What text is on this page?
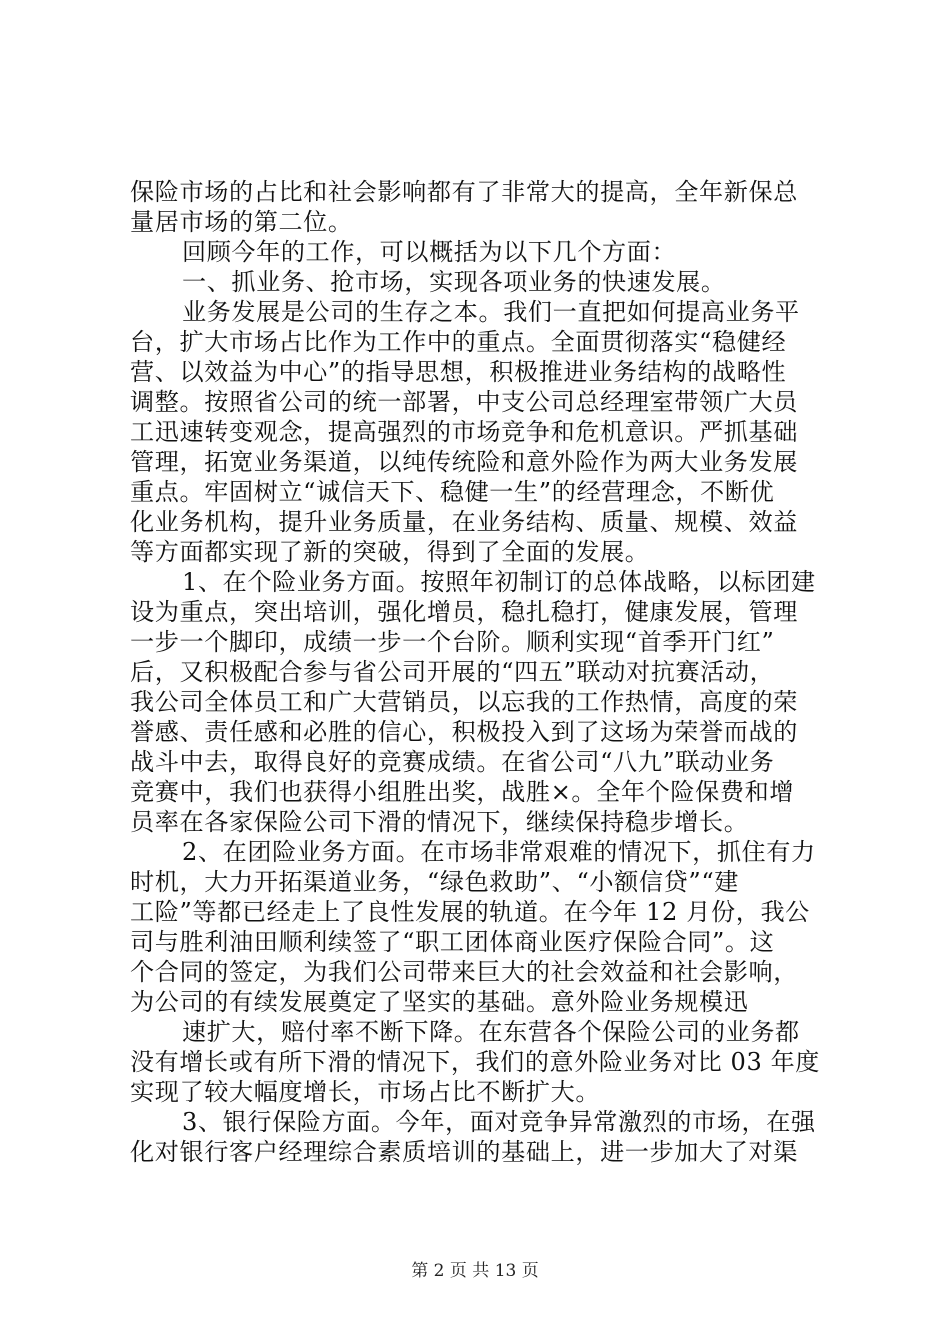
保险市场的占比和社会影响都有了非常大的提高，全年新保总
量居市场的第二位。
回顾今年的工作，可以概括为以下几个方面：
一、抓业务、抢市场，实现各项业务的快速发展。
业务发展是公司的生存之本。我们一直把如何提高业务平
台，扩大市场占比作为工作中的重点。全面贯彻落实“稳健经
营、以效益为中心”的指导思想，积极推进业务结构的战略性
调整。按照省公司的统一部署，中支公司总经理室带领广大员
工迅速转变观念，提高强烈的市场竞争和危机意识。严抓基础
管理，拓宽业务渠道，以纯传统险和意外险作为两大业务发展
重点。牢固树立“诚信天下、稳健一生”的经营理念，不断优
化业务机构，提升业务质量，在业务结构、质量、规模、效益
等方面都实现了新的突破，得到了全面的发展。
1、在个险业务方面。按照年初制订的总体战略，以标团建
设为重点，突出培训，强化增员，稳扎稳打，健康发展，管理
一步一个脚印，成绩一步一个台阶。顺利实现“首季开门红”
后，又积极配合参与省公司开展的“四五”联动对抗赛活动，
我公司全体员工和广大营销员，以忘我的工作热情，高度的荣
誉感、责任感和必胜的信心，积极投入到了这场为荣誉而战的
战斗中去，取得良好的竞赛成绩。在省公司“八九”联动业务
竞赛中，我们也获得小组胜出奖，战胜×。全年个险保费和增
员率在各家保险公司下滑的情况下，继续保持稳步增长。
2、在团险业务方面。在市场非常艰难的情况下，抓住有力
时机，大力开拓渠道业务，“绿色救助”、“小额信贷”“建
工险”等都已经走上了良性发展的轨道。在今年 12 月份，我公
司与胜利油田顺利续签了“职工团体商业医疗保险合同”。这
个合同的签定，为我们公司带来巨大的社会效益和社会影响，
为公司的有续发展奠定了坚实的基础。意外险业务规模迅
速扩大，赔付率不断下降。在东营各个保险公司的业务都
没有增长或有所下滑的情况下，我们的意外险业务对比 03 年度
实现了较大幅度增长，市场占比不断扩大。
3、银行保险方面。今年，面对竞争异常激烈的市场，在强
化对银行客户经理综合素质培训的基础上，进一步加大了对渠
第 2 页 共 13 页
